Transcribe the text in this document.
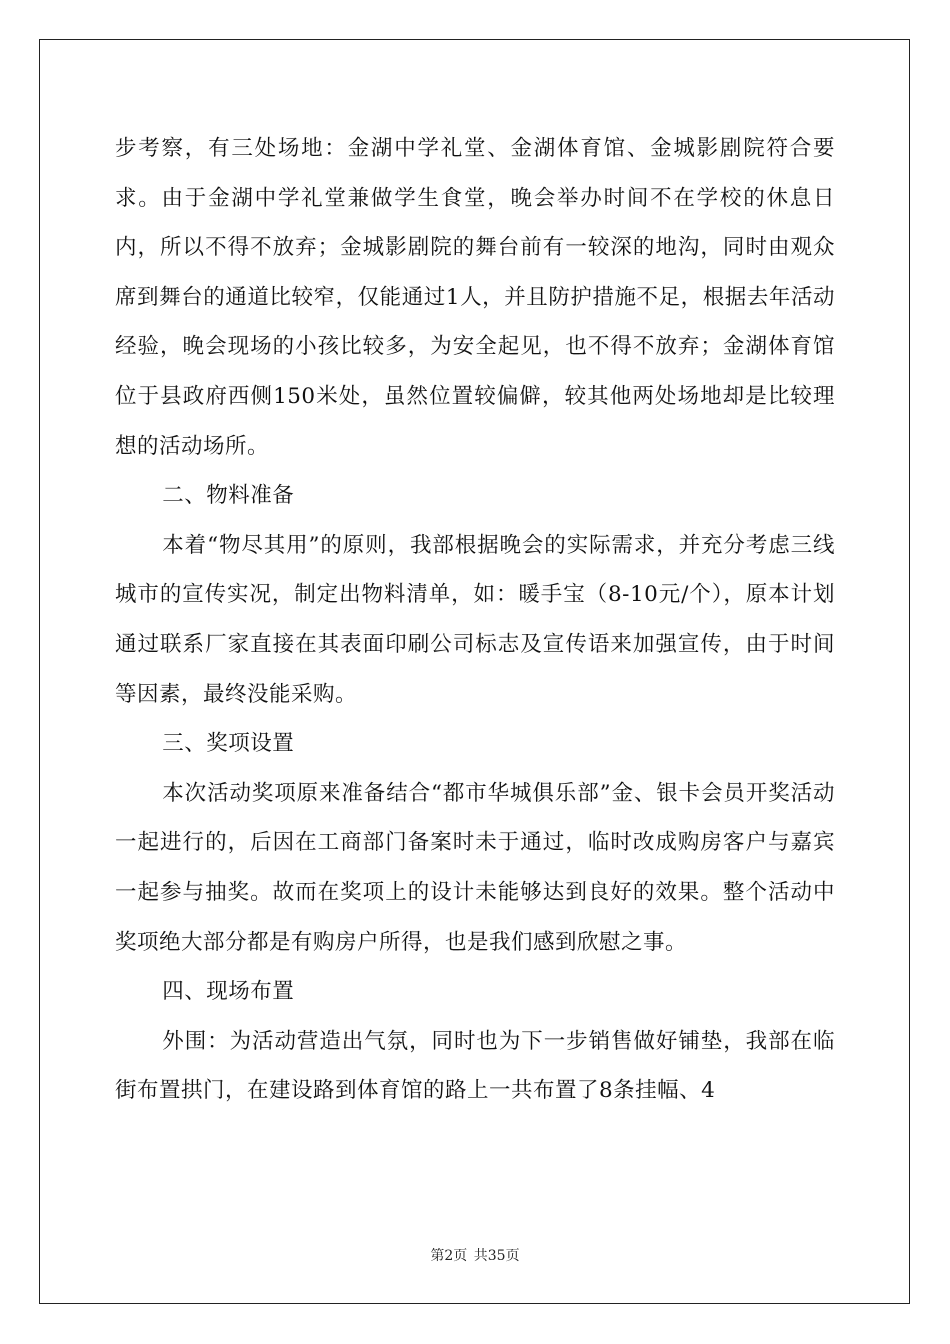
步考察，有三处场地：金湖中学礼堂、金湖体育馆、金城影剧院符合要求。由于金湖中学礼堂兼做学生食堂，晚会举办时间不在学校的休息日内，所以不得不放弃；金城影剧院的舞台前有一较深的地沟，同时由观众席到舞台的通道比较窄，仅能通过1人，并且防护措施不足，根据去年活动经验，晚会现场的小孩比较多，为安全起见，也不得不放弃；金湖体育馆位于县政府西侧150米处，虽然位置较偏僻，较其他两处场地却是比较理想的活动场所。

二、物料准备

本着“物尽其用”的原则，我部根据晚会的实际需求，并充分考虑三线城市的宣传实况，制定出物料清单，如：暖手宝（8-10元/个），原本计划通过联系厂家直接在其表面印刷公司标志及宣传语来加强宣传，由于时间等因素，最终没能采购。

三、奖项设置

本次活动奖项原来准备结合“都市华城俱乐部”金、银卡会员开奖活动一起进行的，后因在工商部门备案时未于通过，临时改成购房客户与嘉宾一起参与抽奖。故而在奖项上的设计未能够达到良好的效果。整个活动中奖项绝大部分都是有购房户所得，也是我们感到欣慰之事。

四、现场布置

外围：为活动营造出气氛，同时也为下一步销售做好铺垫，我部在临街布置拱门，在建设路到体育馆的路上一共布置了8条挂幅、4

第2页 共35页
